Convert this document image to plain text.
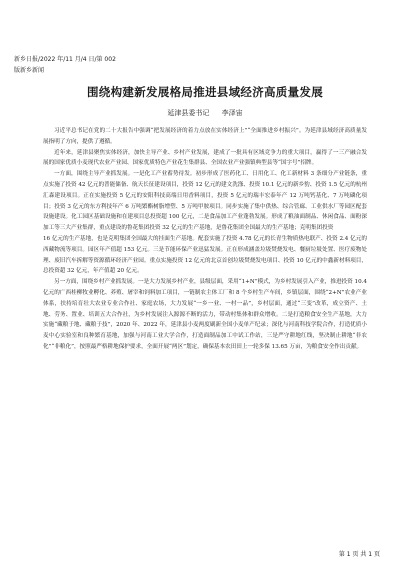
新乡日报/2022 年/11 月/4 日/第 002
版新乡新闻
围绕构建新发展格局推进县域经济高质量发展
延津县委书记 李泽宙

习近平总书记在党的二十大报告中强调“把发展经济的着力点放在实体经济上”“全面推进乡村振兴”。为延津县域经济高质量发展指明了方向，提供了遵循。

近年来，延津县聚焦实体经济，加快主导产业、乡村产业发展，建成了一批具有区域竞争力的重大项目，赢得了一三产融合发展的国家优质小麦现代农业产业园、国家优质特色产业花生集群县、全国农业产业强镇典型县等“国字号”招牌。

一方面，围绕主导产业抓发展。一是化工产业蓄势待发。初步形成了医药化工、日用化工、化工新材料 3 条细分产业链条，重点实施了投资 42 亿元的普能储备、航天长征建设项目，投资 12 亿元的建文洗涤、投资 10.1 亿元的新乡豹、投资 1.5 亿元的杭州汇森建设项目。正在实施投资 5 亿元的安阳科技高端日用香料项目，投资 5 亿元的瑞丰宏泰年产 12 万吨钙基化、7 万吨磷化项目；投资 3 亿元的东方利技年产 6 万吨繁酯树脂增塑、5 万吨甲胺项目。同步实施了集中供热、综合管廊、工业供水厂等园区配套设施建设。化工园区基础设施和在建项目总投资超 100 亿元，二是食品加工产业蓬勃发展。形成了粮油面制品、休闲食品、面粉深加工等三大产业集群，重点建设的鲁花集团投资 32 亿元的生产基地，是鲁花集团全国最大的生产基地；克明集团投资

16 亿元的生产基地，也是克明集团全国最大的挂面生产基地。配套实施了投资 4.78 亿元的长青生物质热电联产、投资 2.4 亿元的西藏物流等项目。园区年产值超 153 亿元。三是节能环保产业迅猛发展。正在形成涵盖垃圾焚烧发电、餐厨垃圾处置、医疗废物处理、废旧汽车拆解等资源循环经济产业园。重点实施投资 12 亿元的北京首创垃圾焚烧发电项目、投资 10 亿元的中鑫新材料项目，总投资超 32 亿元，年产值超 20 亿元。

另一方面，围绕乡村产业抓发展。一是大力发展乡村产业，县级层面，采用“1+N”模式，为乡村发展引入产业，推进投资 10.4 亿元的广西桂柳牧业孵化、养殖、屠宰和饲料加工项目，一链制农主体工厂和 8 个乡村生产车间，乡镇层面，围绕“2+N”农业产业体系，扶持培育壮大农业专业合作社、家庭农场，大力发展“一乡一业、一村一品”，乡村层面，通过“三变”改革，成立资产、土地、劳务、置业、培训五大合作社，为乡村发展注入源源不断的活力，带动村集体和群众增收。二是打造粮食安全生产基地，大力实施“藏粮于地、藏粮于技”，2020 年、2022 年，延津县小麦两度刷新全国小麦单产纪录；深化与河南科技学院合作，打造优质小麦中心实验室和良种繁育基地，加强与河南工业大学合作，打造面制品加工中试工作站，三是严守耕地红线，坚决制止耕地“非农化”“非粮化”，按照最严格耕地保护要求，全面开展“两区”划定，确保基本农田田上一轮多保 13.65 万亩，为粮食安全作出贡献。

第 1 页 共 1 页
